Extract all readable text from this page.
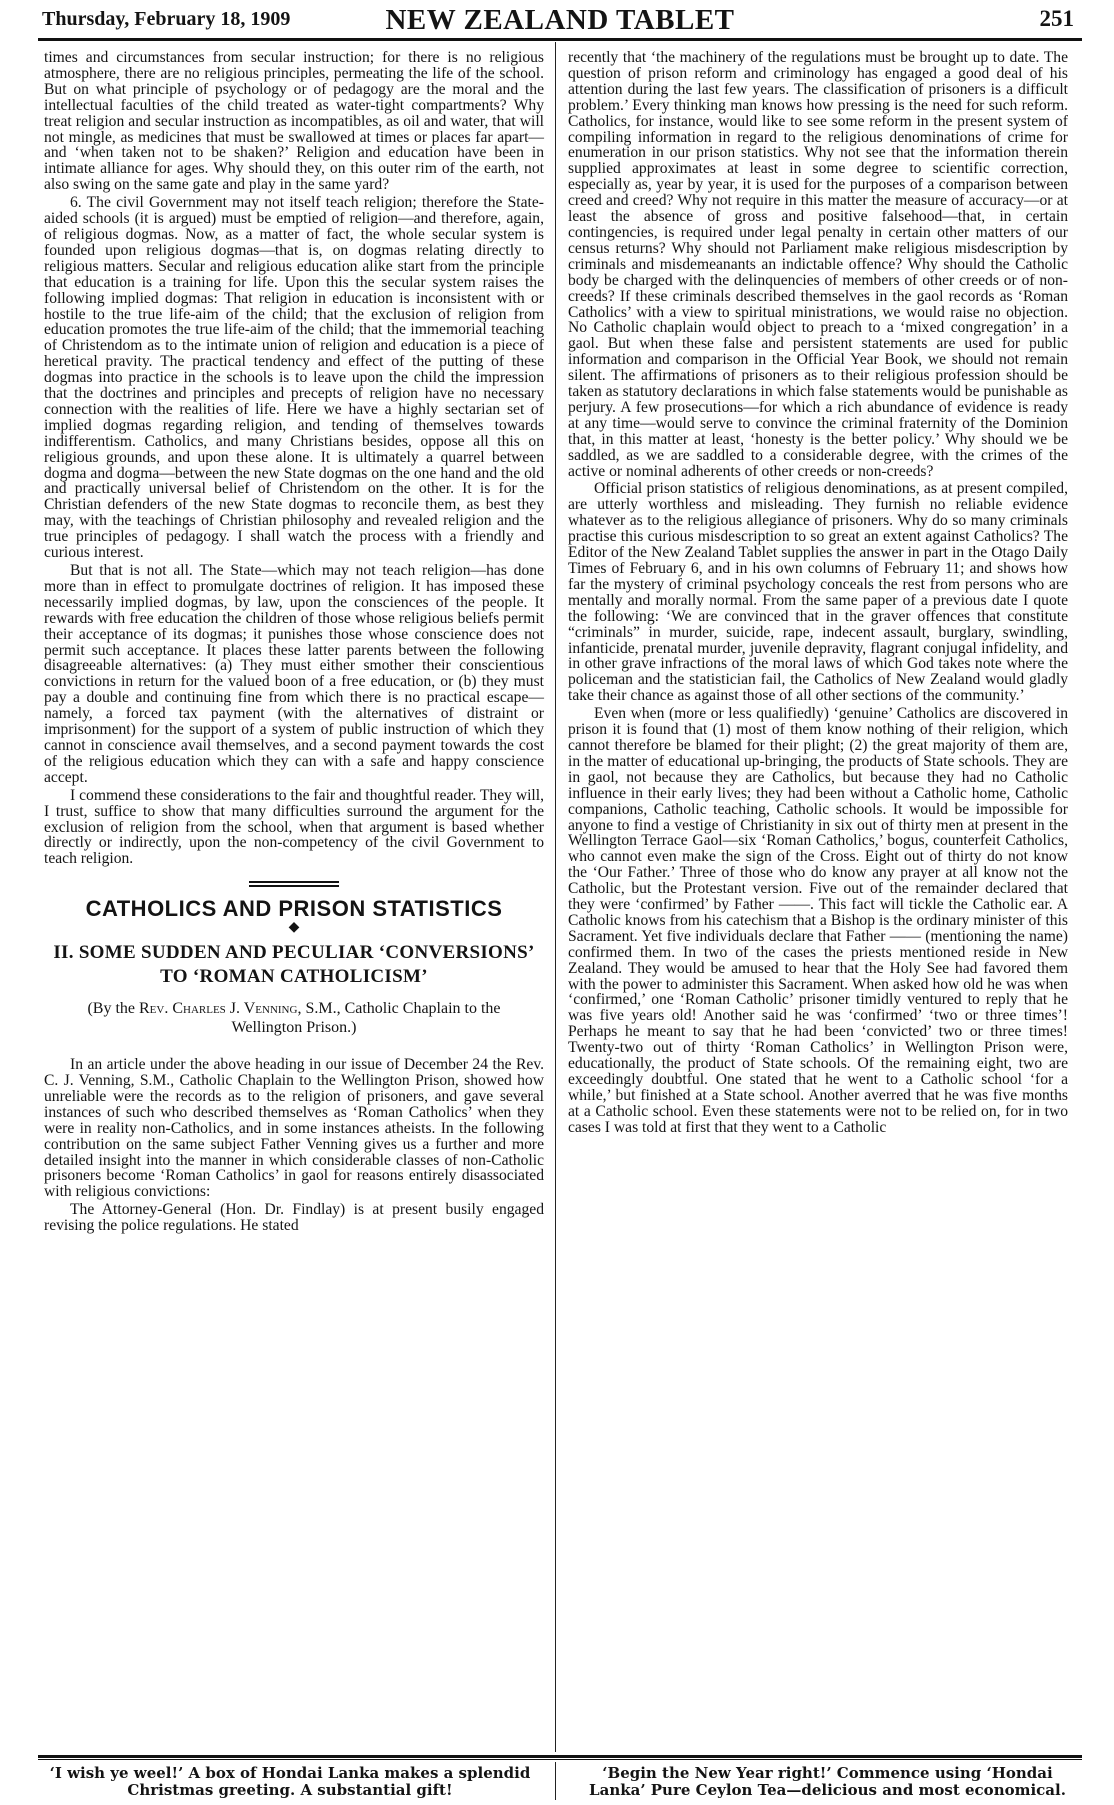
Thursday, February 18, 1909	NEW ZEALAND TABLET	251

times and circumstances from secular instruction; for there is no religious atmosphere, there are no religious principles, permeating the life of the school. But on what principle of psychology or of pedagogy are the moral and the intellectual faculties of the child treated as water-tight compartments? Why treat religion and secular instruction as incompatibles, as oil and water, that will not mingle, as medicines that must be swallowed at times or places far apart—and ‘when taken not to be shaken?’ Religion and education have been in intimate alliance for ages. Why should they, on this outer rim of the earth, not also swing on the same gate and play in the same yard?

6. The civil Government may not itself teach religion; therefore the State-aided schools (it is argued) must be emptied of religion—and therefore, again, of religious dogmas. Now, as a matter of fact, the whole secular system is founded upon religious dogmas—that is, on dogmas relating directly to religious matters. Secular and religious education alike start from the principle that education is a training for life. Upon this the secular system raises the following implied dogmas: That religion in education is inconsistent with or hostile to the true life-aim of the child; that the exclusion of religion from education promotes the true life-aim of the child; that the immemorial teaching of Christendom as to the intimate union of religion and education is a piece of heretical pravity. The practical tendency and effect of the putting of these dogmas into practice in the schools is to leave upon the child the impression that the doctrines and principles and precepts of religion have no necessary connection with the realities of life. Here we have a highly sectarian set of implied dogmas regarding religion, and tending of themselves towards indifferentism. Catholics, and many Christians besides, oppose all this on religious grounds, and upon these alone. It is ultimately a quarrel between dogma and dogma—between the new State dogmas on the one hand and the old and practically universal belief of Christendom on the other. It is for the Christian defenders of the new State dogmas to reconcile them, as best they may, with the teachings of Christian philosophy and revealed religion and the true principles of pedagogy. I shall watch the process with a friendly and curious interest.

But that is not all. The State—which may not teach religion—has done more than in effect to promulgate doctrines of religion. It has imposed these necessarily implied dogmas, by law, upon the consciences of the people. It rewards with free education the children of those whose religious beliefs permit their acceptance of its dogmas; it punishes those whose conscience does not permit such acceptance. It places these latter parents between the following disagreeable alternatives: (a) They must either smother their conscientious convictions in return for the valued boon of a free education, or (b) they must pay a double and continuing fine from which there is no practical escape—namely, a forced tax payment (with the alternatives of distraint or imprisonment) for the support of a system of public instruction of which they cannot in conscience avail themselves, and a second payment towards the cost of the religious education which they can with a safe and happy conscience accept.

I commend these considerations to the fair and thoughtful reader. They will, I trust, suffice to show that many difficulties surround the argument for the exclusion of religion from the school, when that argument is based whether directly or indirectly, upon the non-competency of the civil Government to teach religion.

CATHOLICS AND PRISON STATISTICS
◆
II. SOME SUDDEN AND PECULIAR ‘CONVERSIONS’ TO ‘ROMAN CATHOLICISM’
(By the Rev. Charles J. Venning, S.M., Catholic Chaplain to the Wellington Prison.)

In an article under the above heading in our issue of December 24 the Rev. C. J. Venning, S.M., Catholic Chaplain to the Wellington Prison, showed how unreliable were the records as to the religion of prisoners, and gave several instances of such who described themselves as ‘Roman Catholics’ when they were in reality non-Catholics, and in some instances atheists. In the following contribution on the same subject Father Venning gives us a further and more detailed insight into the manner in which considerable classes of non-Catholic prisoners become ‘Roman Catholics’ in gaol for reasons entirely disassociated with religious convictions:

The Attorney-General (Hon. Dr. Findlay) is at present busily engaged revising the police regulations. He stated

recently that ‘the machinery of the regulations must be brought up to date. The question of prison reform and criminology has engaged a good deal of his attention during the last few years. The classification of prisoners is a difficult problem.’ Every thinking man knows how pressing is the need for such reform. Catholics, for instance, would like to see some reform in the present system of compiling information in regard to the religious denominations of crime for enumeration in our prison statistics. Why not see that the information therein supplied approximates at least in some degree to scientific correction, especially as, year by year, it is used for the purposes of a comparison between creed and creed? Why not require in this matter the measure of accuracy—or at least the absence of gross and positive falsehood—that, in certain contingencies, is required under legal penalty in certain other matters of our census returns? Why should not Parliament make religious misdescription by criminals and misdemeanants an indictable offence? Why should the Catholic body be charged with the delinquencies of members of other creeds or of non-creeds? If these criminals described themselves in the gaol records as ‘Roman Catholics’ with a view to spiritual ministrations, we would raise no objection. No Catholic chaplain would object to preach to a ‘mixed congregation’ in a gaol. But when these false and persistent statements are used for public information and comparison in the Official Year Book, we should not remain silent. The affirmations of prisoners as to their religious profession should be taken as statutory declarations in which false statements would be punishable as perjury. A few prosecutions—for which a rich abundance of evidence is ready at any time—would serve to convince the criminal fraternity of the Dominion that, in this matter at least, ‘honesty is the better policy.’ Why should we be saddled, as we are saddled to a considerable degree, with the crimes of the active or nominal adherents of other creeds or non-creeds?

Official prison statistics of religious denominations, as at present compiled, are utterly worthless and misleading. They furnish no reliable evidence whatever as to the religious allegiance of prisoners. Why do so many criminals practise this curious misdescription to so great an extent against Catholics? The Editor of the New Zealand Tablet supplies the answer in part in the Otago Daily Times of February 6, and in his own columns of February 11; and shows how far the mystery of criminal psychology conceals the rest from persons who are mentally and morally normal. From the same paper of a previous date I quote the following: ‘We are convinced that in the graver offences that constitute “criminals” in murder, suicide, rape, indecent assault, burglary, swindling, infanticide, prenatal murder, juvenile depravity, flagrant conjugal infidelity, and in other grave infractions of the moral laws of which God takes note where the policeman and the statistician fail, the Catholics of New Zealand would gladly take their chance as against those of all other sections of the community.’

Even when (more or less qualifiedly) ‘genuine’ Catholics are discovered in prison it is found that (1) most of them know nothing of their religion, which cannot therefore be blamed for their plight; (2) the great majority of them are, in the matter of educational up-bringing, the products of State schools. They are in gaol, not because they are Catholics, but because they had no Catholic influence in their early lives; they had been without a Catholic home, Catholic companions, Catholic teaching, Catholic schools. It would be impossible for anyone to find a vestige of Christianity in six out of thirty men at present in the Wellington Terrace Gaol—six ‘Roman Catholics,’ bogus, counterfeit Catholics, who cannot even make the sign of the Cross. Eight out of thirty do not know the ‘Our Father.’ Three of those who do know any prayer at all know not the Catholic, but the Protestant version. Five out of the remainder declared that they were ‘confirmed’ by Father ——. This fact will tickle the Catholic ear. A Catholic knows from his catechism that a Bishop is the ordinary minister of this Sacrament. Yet five individuals declare that Father —— (mentioning the name) confirmed them. In two of the cases the priests mentioned reside in New Zealand. They would be amused to hear that the Holy See had favored them with the power to administer this Sacrament. When asked how old he was when ‘confirmed,’ one ‘Roman Catholic’ prisoner timidly ventured to reply that he was five years old! Another said he was ‘confirmed’ ‘two or three times’! Perhaps he meant to say that he had been ‘convicted’ two or three times! Twenty-two out of thirty ‘Roman Catholics’ in Wellington Prison were, educationally, the product of State schools. Of the remaining eight, two are exceedingly doubtful. One stated that he went to a Catholic school ‘for a while,’ but finished at a State school. Another averred that he was five months at a Catholic school. Even these statements were not to be relied on, for in two cases I was told at first that they went to a Catholic

‘I wish ye weel!’ A box of Hondai Lanka makes a splendid Christmas greeting. A substantial gift!
‘Begin the New Year right!’ Commence using ‘Hondai Lanka’ Pure Ceylon Tea—delicious and most economical.
